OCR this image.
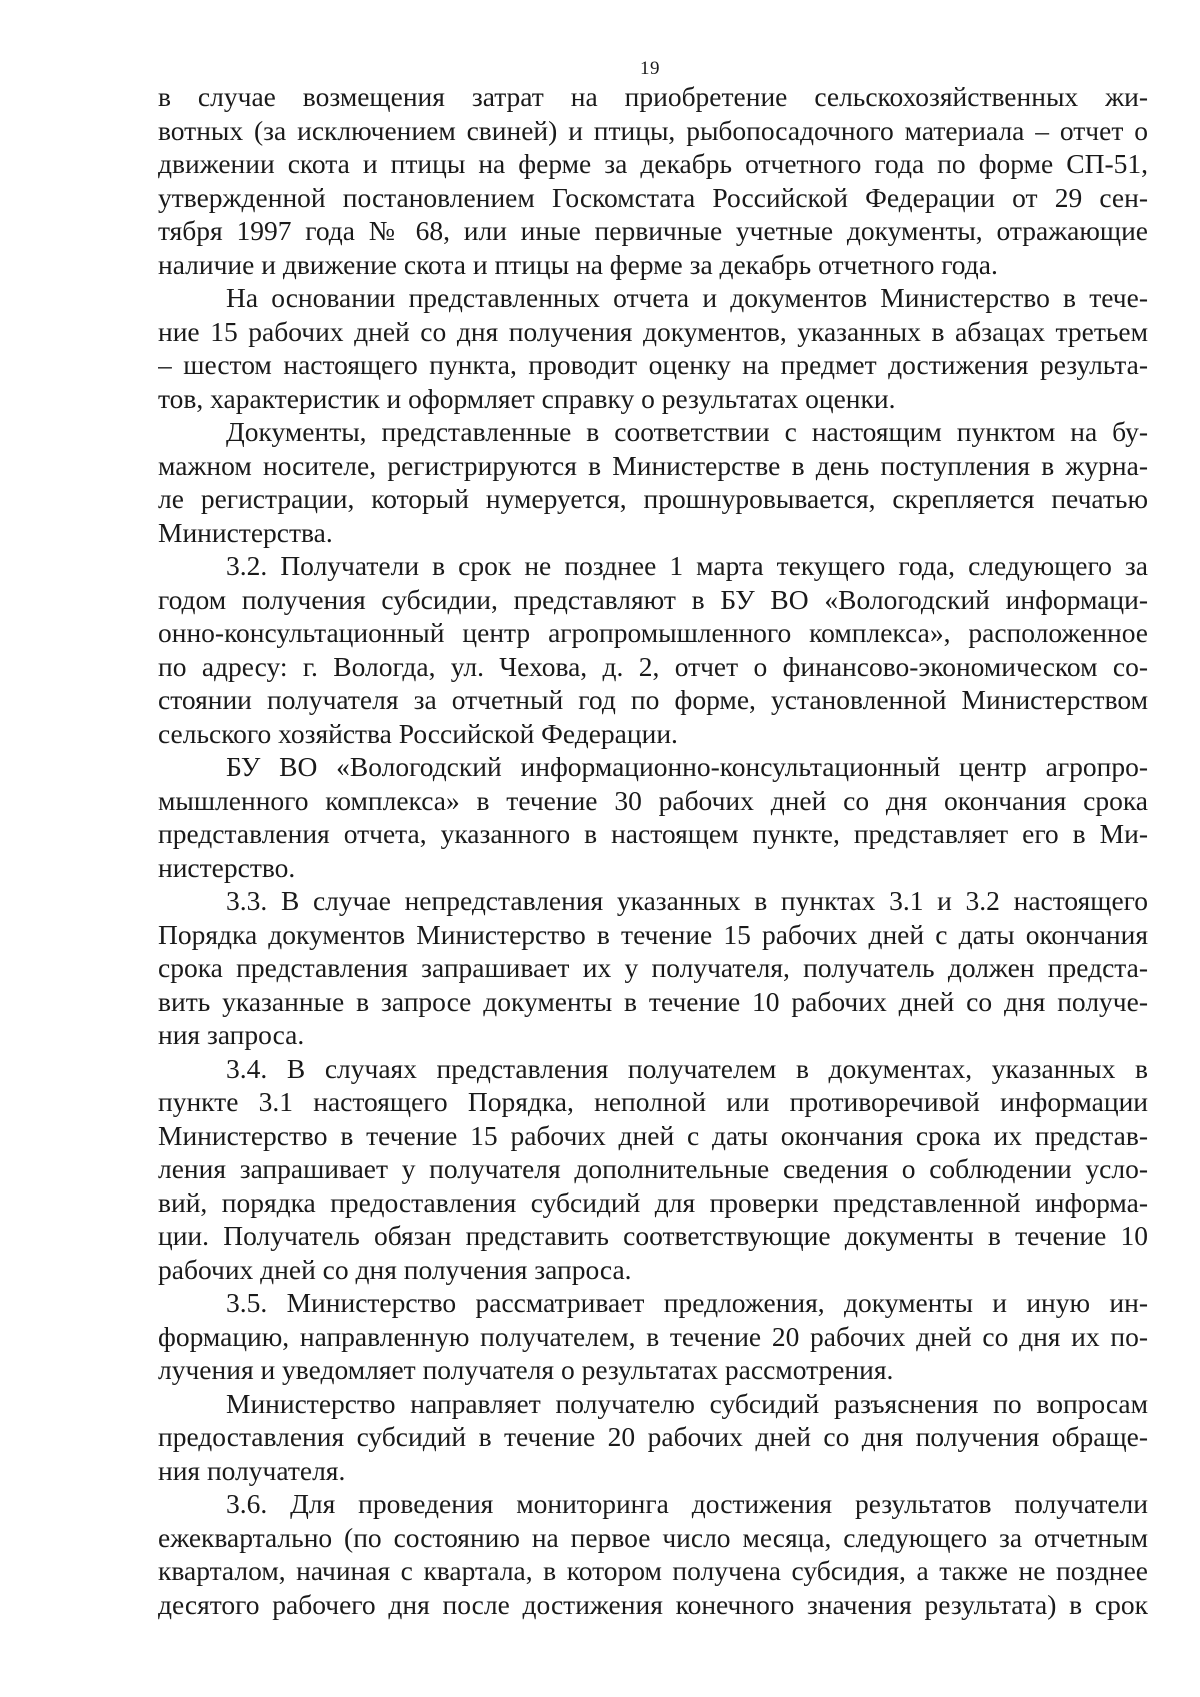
19
в случае возмещения затрат на приобретение сельскохозяйственных жи-
вотных (за исключением свиней) и птицы, рыбопосадочного материала – отчет о
движении скота и птицы на ферме за декабрь отчетного года по форме СП-51,
утвержденной постановлением Госкомстата Российской Федерации от 29 сен-
тября 1997 года № 68, или иные первичные учетные документы, отражающие
наличие и движение скота и птицы на ферме за декабрь отчетного года.
На основании представленных отчета и документов Министерство в тече-
ние 15 рабочих дней со дня получения документов, указанных в абзацах третьем
– шестом настоящего пункта, проводит оценку на предмет достижения результа-
тов, характеристик и оформляет справку о результатах оценки.
Документы, представленные в соответствии с настоящим пунктом на бу-
мажном носителе, регистрируются в Министерстве в день поступления в журна-
ле регистрации, который нумеруется, прошнуровывается, скрепляется печатью
Министерства.
3.2. Получатели в срок не позднее 1 марта текущего года, следующего за
годом получения субсидии, представляют в БУ ВО «Вологодский информаци-
онно-консультационный центр агропромышленного комплекса», расположенное
по адресу: г. Вологда, ул. Чехова, д. 2, отчет о финансово-экономическом со-
стоянии получателя за отчетный год по форме, установленной Министерством
сельского хозяйства Российской Федерации.
БУ ВО «Вологодский информационно-консультационный центр агропро-
мышленного комплекса» в течение 30 рабочих дней со дня окончания срока
представления отчета, указанного в настоящем пункте, представляет его в Ми-
нистерство.
3.3. В случае непредставления указанных в пунктах 3.1 и 3.2 настоящего
Порядка документов Министерство в течение 15 рабочих дней с даты окончания
срока представления запрашивает их у получателя, получатель должен предста-
вить указанные в запросе документы в течение 10 рабочих дней со дня получе-
ния запроса.
3.4. В случаях представления получателем в документах, указанных в
пункте 3.1 настоящего Порядка, неполной или противоречивой информации
Министерство в течение 15 рабочих дней с даты окончания срока их представ-
ления запрашивает у получателя дополнительные сведения о соблюдении усло-
вий, порядка предоставления субсидий для проверки представленной информа-
ции. Получатель обязан представить соответствующие документы в течение 10
рабочих дней со дня получения запроса.
3.5. Министерство рассматривает предложения, документы и иную ин-
формацию, направленную получателем, в течение 20 рабочих дней со дня их по-
лучения и уведомляет получателя о результатах рассмотрения.
Министерство направляет получателю субсидий разъяснения по вопросам
предоставления субсидий в течение 20 рабочих дней со дня получения обраще-
ния получателя.
3.6. Для проведения мониторинга достижения результатов получатели
ежеквартально (по состоянию на первое число месяца, следующего за отчетным
кварталом, начиная с квартала, в котором получена субсидия, а также не позднее
десятого рабочего дня после достижения конечного значения результата) в срок
